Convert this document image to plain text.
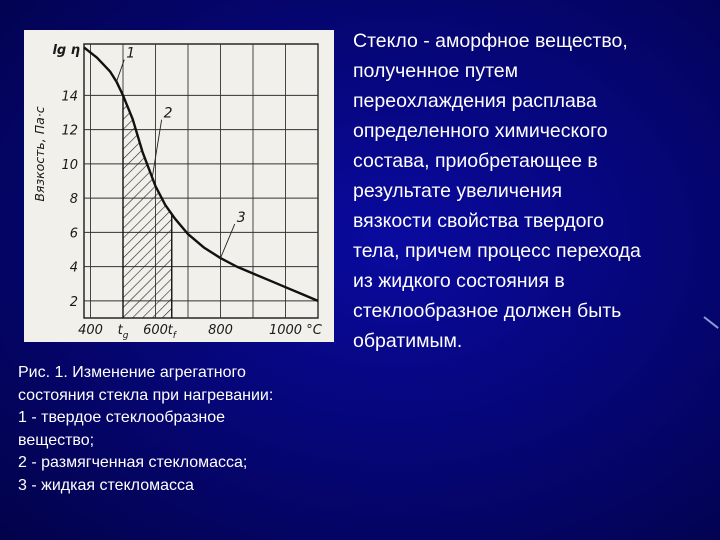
1
2
3
2
4
6
8
10
12
14
lg η
Вязкость, Па·с
400 $t_g$ 600 $t_f$ 800	1000 °C
Стекло - аморфное вещество,
полученное путем
переохлаждения расплава
определенного химического
состава, приобретающее в
результате увеличения
вязкости свойства твердого
тела, причем процесс перехода
из жидкого состояния в
стеклообразное должен быть
обратимым.
Рис. 1. Изменение агрегатного
состояния стекла при нагревании:
1 - твердое стеклообразное
вещество;
2 - размягченная стекломасса;
3 - жидкая стекломасса
